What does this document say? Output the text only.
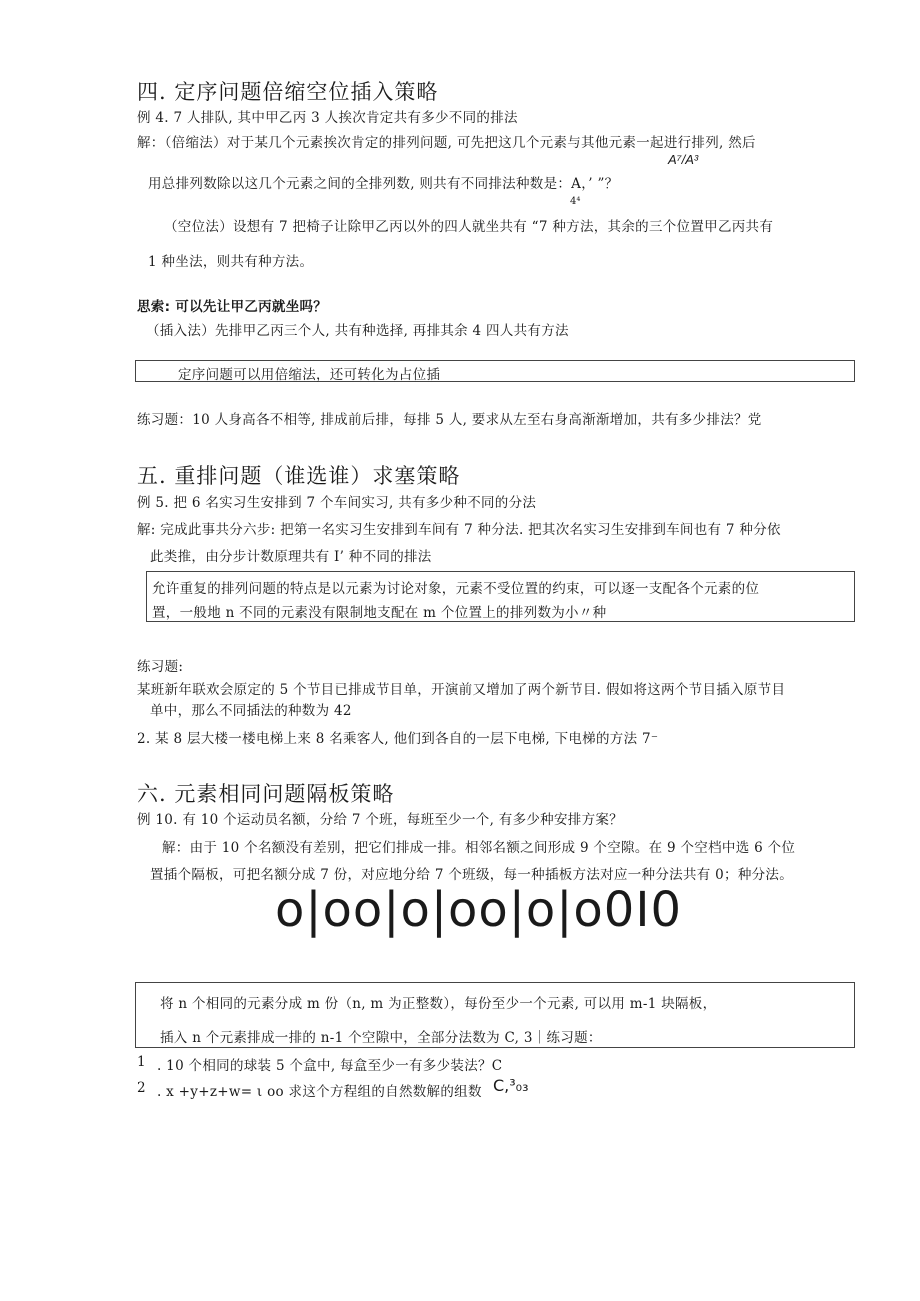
四. 定序问题倍缩空位插入策略
例 4. 7 人排队, 其中甲乙丙 3 人挨次肯定共有多少不同的排法
解：（倍缩法）对于某几个元素挨次肯定的排列问题, 可先把这几个元素与其他元素一起进行排列, 然后
A⁷/A³
用总排列数除以这几个元素之间的全排列数, 则共有不同排法种数是：A，’ ”？
4⁴
（空位法）设想有 7 把椅子让除甲乙丙以外的四人就坐共有 “7 种方法，其余的三个位置甲乙丙共有
1 种坐法，则共有种方法。
思索: 可以先让甲乙丙就坐吗？
（插入法）先排甲乙丙三个人, 共有种选择, 再排其余 4 四人共有方法
定序问题可以用倍缩法，还可转化为占位插
练习题：10 人身高各不相等, 排成前后排，每排 5 人, 要求从左至右身高渐渐增加，共有多少排法？党
五. 重排问题（谁选谁）求塞策略
例 5. 把 6 名实习生安排到 7 个车间实习, 共有多少种不同的分法
解: 完成此事共分六步: 把第一名实习生安排到车间有 7 种分法. 把其次名实习生安排到车间也有 7 种分依
此类推，由分步计数原理共有 I’ 种不同的排法
允许重复的排列问题的特点是以元素为讨论对象，元素不受位置的约束，可以逐一支配各个元素的位
置，一般地 n 不同的元素没有限制地支配在 m 个位置上的排列数为小〃种
练习题:
某班新年联欢会原定的 5 个节目已排成节目单，开演前又增加了两个新节目. 假如将这两个节目插入原节目
单中，那么不同插法的种数为 42
2. 某 8 层大楼一楼电梯上来 8 名乘客人, 他们到各自的一层下电梯, 下电梯的方法 7⁻
六. 元素相同问题隔板策略
例 10. 有 10 个运动员名额，分给 7 个班，每班至少一个, 有多少种安排方案？
解：由于 10 个名额没有差别，把它们排成一排。相邻名额之间形成 9 个空隙。在 9 个空档中选 6 个位
置插个隔板，可把名额分成 7 份，对应地分给 7 个班级，每一种插板方法对应一种分法共有 0；种分法。
o|oo|o|oo|o|o0I0
将 n 个相同的元素分成 m 份（n, m 为正整数），每份至少一个元素, 可以用 m-1 块隔板，
插入 n 个元素排成一排的 n-1 个空隙中，全部分法数为 C, 3｜练习题：
1 . 10 个相同的球装 5 个盒中, 每盒至少一有多少装法？C
2 . x +y+z+w= ι oo 求这个方程组的自然数解的组数 C,³₀₃
